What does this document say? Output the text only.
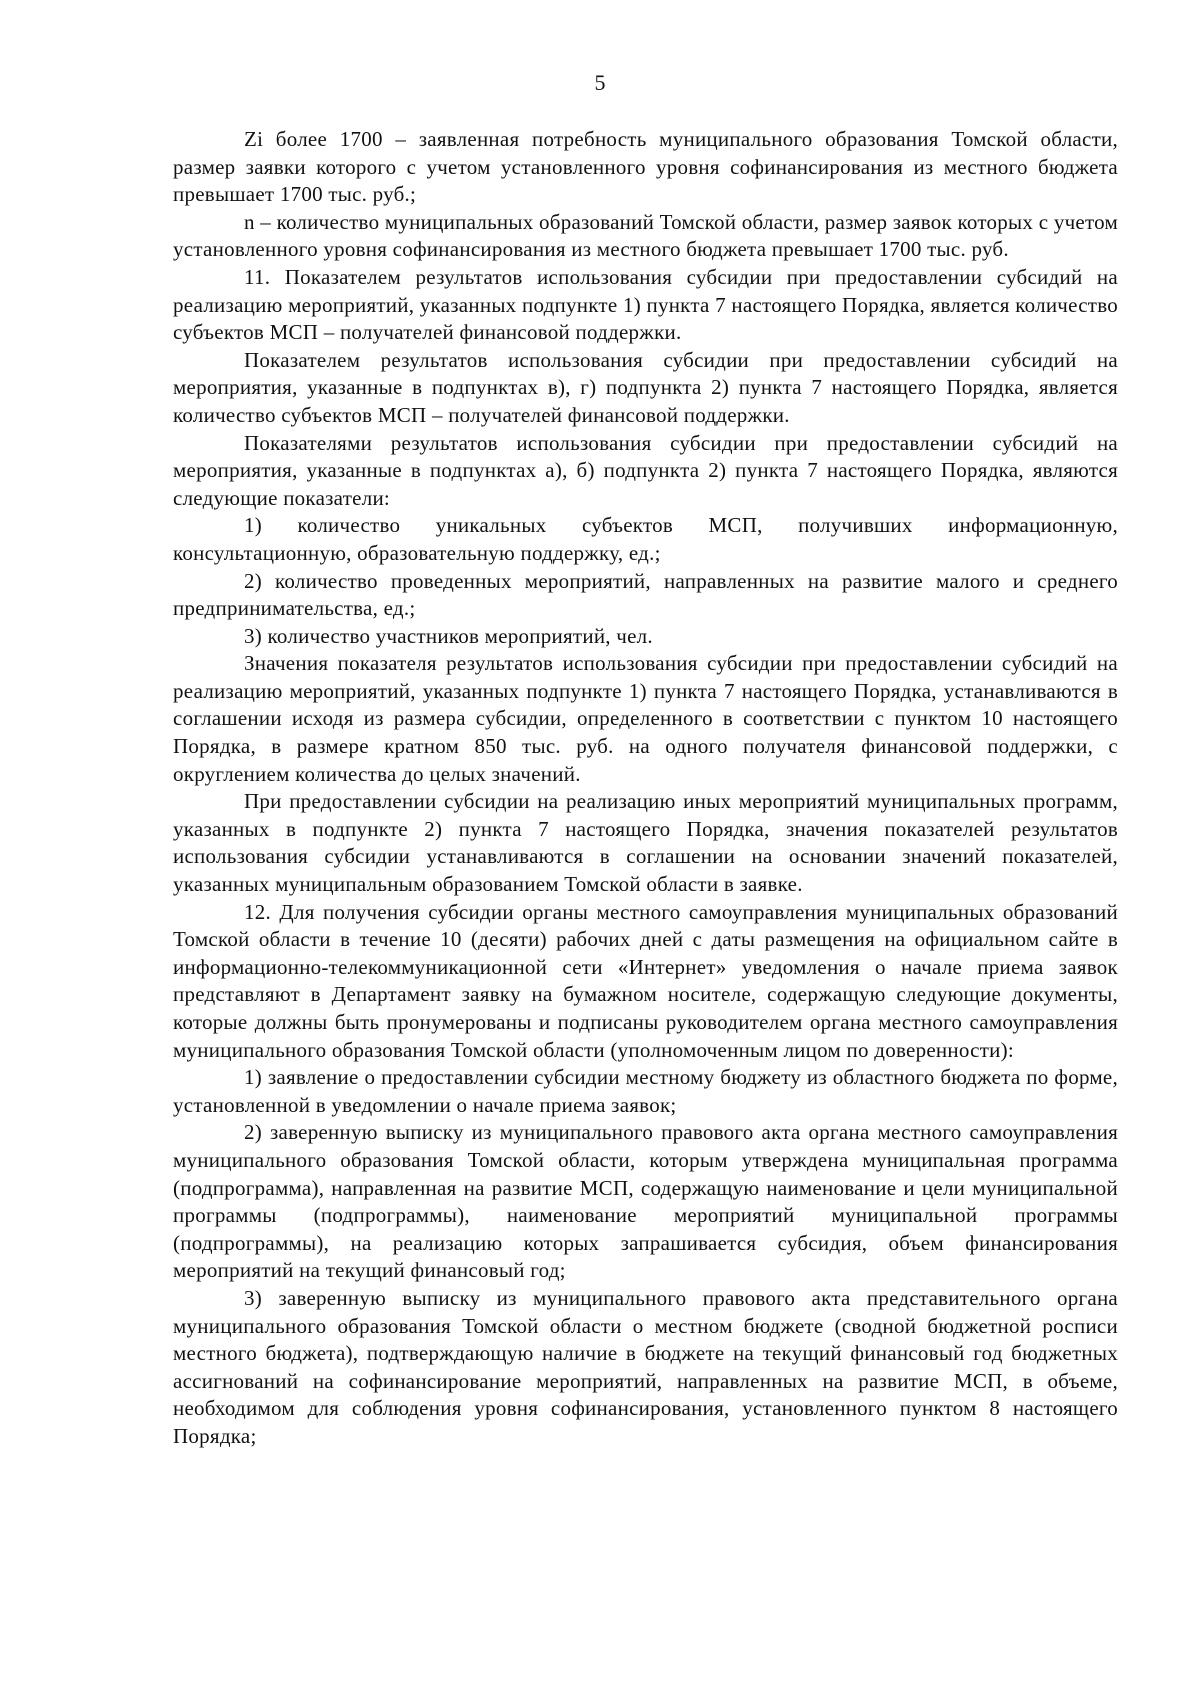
5

Zi более 1700 – заявленная потребность муниципального образования Томской области, размер заявки которого с учетом установленного уровня софинансирования из местного бюджета превышает 1700 тыс. руб.;

n – количество муниципальных образований Томской области, размер заявок которых с учетом установленного уровня софинансирования из местного бюджета превышает 1700 тыс. руб.

11. Показателем результатов использования субсидии при предоставлении субсидий на реализацию мероприятий, указанных подпункте 1) пункта 7 настоящего Порядка, является количество субъектов МСП – получателей финансовой поддержки.

Показателем результатов использования субсидии при предоставлении субсидий на мероприятия, указанные в подпунктах в), г) подпункта 2) пункта 7 настоящего Порядка, является количество субъектов МСП – получателей финансовой поддержки.

Показателями результатов использования субсидии при предоставлении субсидий на мероприятия, указанные в подпунктах а), б) подпункта 2) пункта 7 настоящего Порядка, являются следующие показатели:

1) количество уникальных субъектов МСП, получивших информационную, консультационную, образовательную поддержку, ед.;

2) количество проведенных мероприятий, направленных на развитие малого и среднего предпринимательства, ед.;

3) количество участников мероприятий, чел.

Значения показателя результатов использования субсидии при предоставлении субсидий на реализацию мероприятий, указанных подпункте 1) пункта 7 настоящего Порядка, устанавливаются в соглашении исходя из размера субсидии, определенного в соответствии с пунктом 10 настоящего Порядка, в размере кратном 850 тыс. руб. на одного получателя финансовой поддержки, с округлением количества до целых значений.

При предоставлении субсидии на реализацию иных мероприятий муниципальных программ, указанных в подпункте 2) пункта 7 настоящего Порядка, значения показателей результатов использования субсидии устанавливаются в соглашении на основании значений показателей, указанных муниципальным образованием Томской области в заявке.

12. Для получения субсидии органы местного самоуправления муниципальных образований Томской области в течение 10 (десяти) рабочих дней с даты размещения на официальном сайте в информационно-телекоммуникационной сети «Интернет» уведомления о начале приема заявок представляют в Департамент заявку на бумажном носителе, содержащую следующие документы, которые должны быть пронумерованы и подписаны руководителем органа местного самоуправления муниципального образования Томской области (уполномоченным лицом по доверенности):

1) заявление о предоставлении субсидии местному бюджету из областного бюджета по форме, установленной в уведомлении о начале приема заявок;

2) заверенную выписку из муниципального правового акта органа местного самоуправления муниципального образования Томской области, которым утверждена муниципальная программа (подпрограмма), направленная на развитие МСП, содержащую наименование и цели муниципальной программы (подпрограммы), наименование мероприятий муниципальной программы (подпрограммы), на реализацию которых запрашивается субсидия, объем финансирования мероприятий на текущий финансовый год;

3) заверенную выписку из муниципального правового акта представительного органа муниципального образования Томской области о местном бюджете (сводной бюджетной росписи местного бюджета), подтверждающую наличие в бюджете на текущий финансовый год бюджетных ассигнований на софинансирование мероприятий, направленных на развитие МСП, в объеме, необходимом для соблюдения уровня софинансирования, установленного пунктом 8 настоящего Порядка;
